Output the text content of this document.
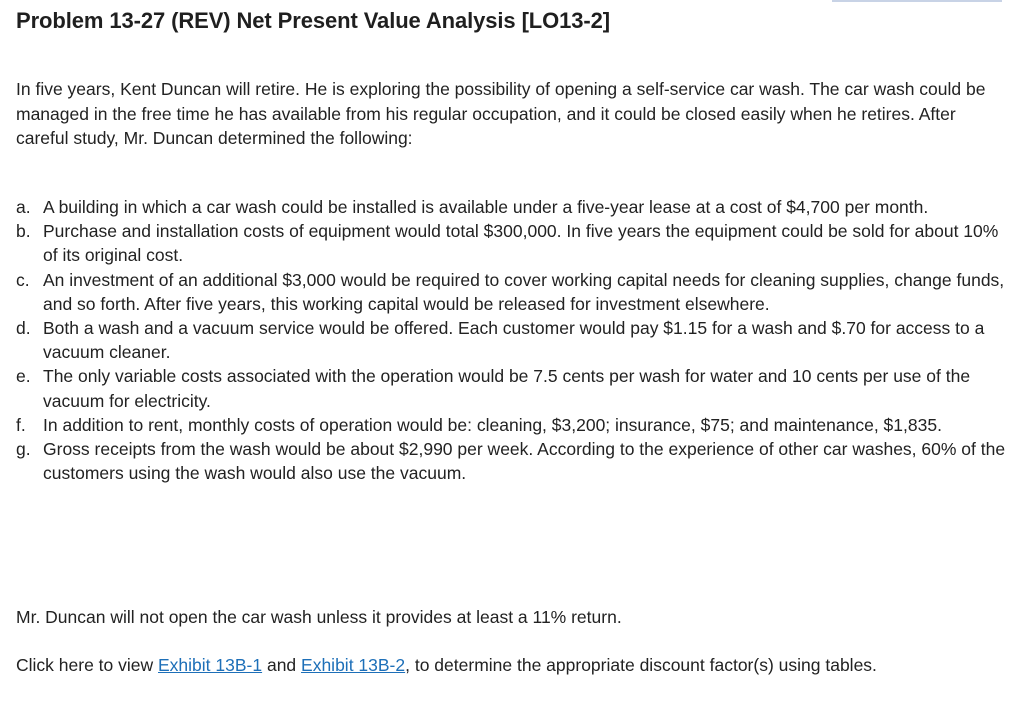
Problem 13-27 (REV) Net Present Value Analysis [LO13-2]

In five years, Kent Duncan will retire. He is exploring the possibility of opening a self-service car wash. The car wash could be managed in the free time he has available from his regular occupation, and it could be closed easily when he retires. After careful study, Mr. Duncan determined the following:

a. A building in which a car wash could be installed is available under a five-year lease at a cost of $4,700 per month.
b. Purchase and installation costs of equipment would total $300,000. In five years the equipment could be sold for about 10% of its original cost.
c. An investment of an additional $3,000 would be required to cover working capital needs for cleaning supplies, change funds, and so forth. After five years, this working capital would be released for investment elsewhere.
d. Both a wash and a vacuum service would be offered. Each customer would pay $1.15 for a wash and $.70 for access to a vacuum cleaner.
e. The only variable costs associated with the operation would be 7.5 cents per wash for water and 10 cents per use of the vacuum for electricity.
f. In addition to rent, monthly costs of operation would be: cleaning, $3,200; insurance, $75; and maintenance, $1,835.
g. Gross receipts from the wash would be about $2,990 per week. According to the experience of other car washes, 60% of the customers using the wash would also use the vacuum.

Mr. Duncan will not open the car wash unless it provides at least a 11% return.

Click here to view Exhibit 13B-1 and Exhibit 13B-2, to determine the appropriate discount factor(s) using tables.
